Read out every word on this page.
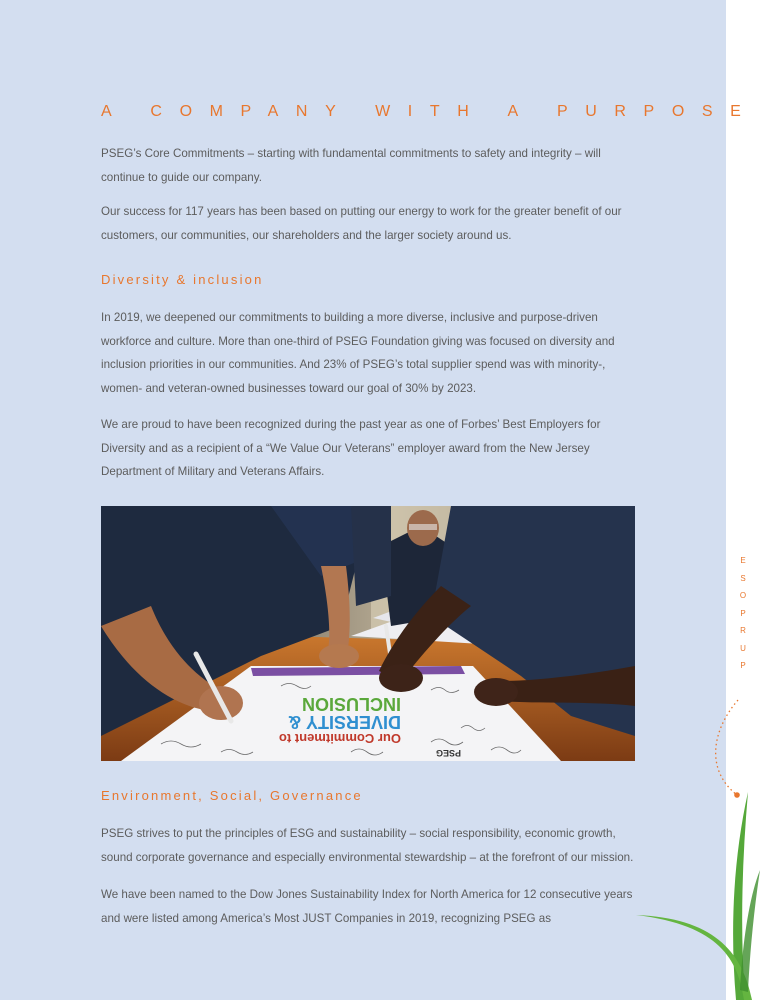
A COMPANY WITH A PURPOSE

PSEG’s Core Commitments – starting with fundamental commitments to safety and integrity – will continue to guide our company.

Our success for 117 years has been based on putting our energy to work for the greater benefit of our customers, our communities, our shareholders and the larger society around us.

Diversity & inclusion

In 2019, we deepened our commitments to building a more diverse, inclusive and purpose-driven workforce and culture. More than one-third of PSEG Foundation giving was focused on diversity and inclusion priorities in our communities. And 23% of PSEG’s total supplier spend was with minority-, women- and veteran-owned businesses toward our goal of 30% by 2023.

We are proud to have been recognized during the past year as one of Forbes’ Best Employers for Diversity and as a recipient of a “We Value Our Veterans” employer award from the New Jersey Department of Military and Veterans Affairs.

Environment, Social, Governance

PSEG strives to put the principles of ESG and sustainability – social responsibility, economic growth, sound corporate governance and especially environmental stewardship – at the forefront of our mission.

We have been named to the Dow Jones Sustainability Index for North America for 12 consecutive years and were listed among America’s Most JUST Companies in 2019, recognizing PSEG as

Our Commitment to
DIVERSITY &
INCLUSION
PSEG
E
S
O
P
R
U
P
